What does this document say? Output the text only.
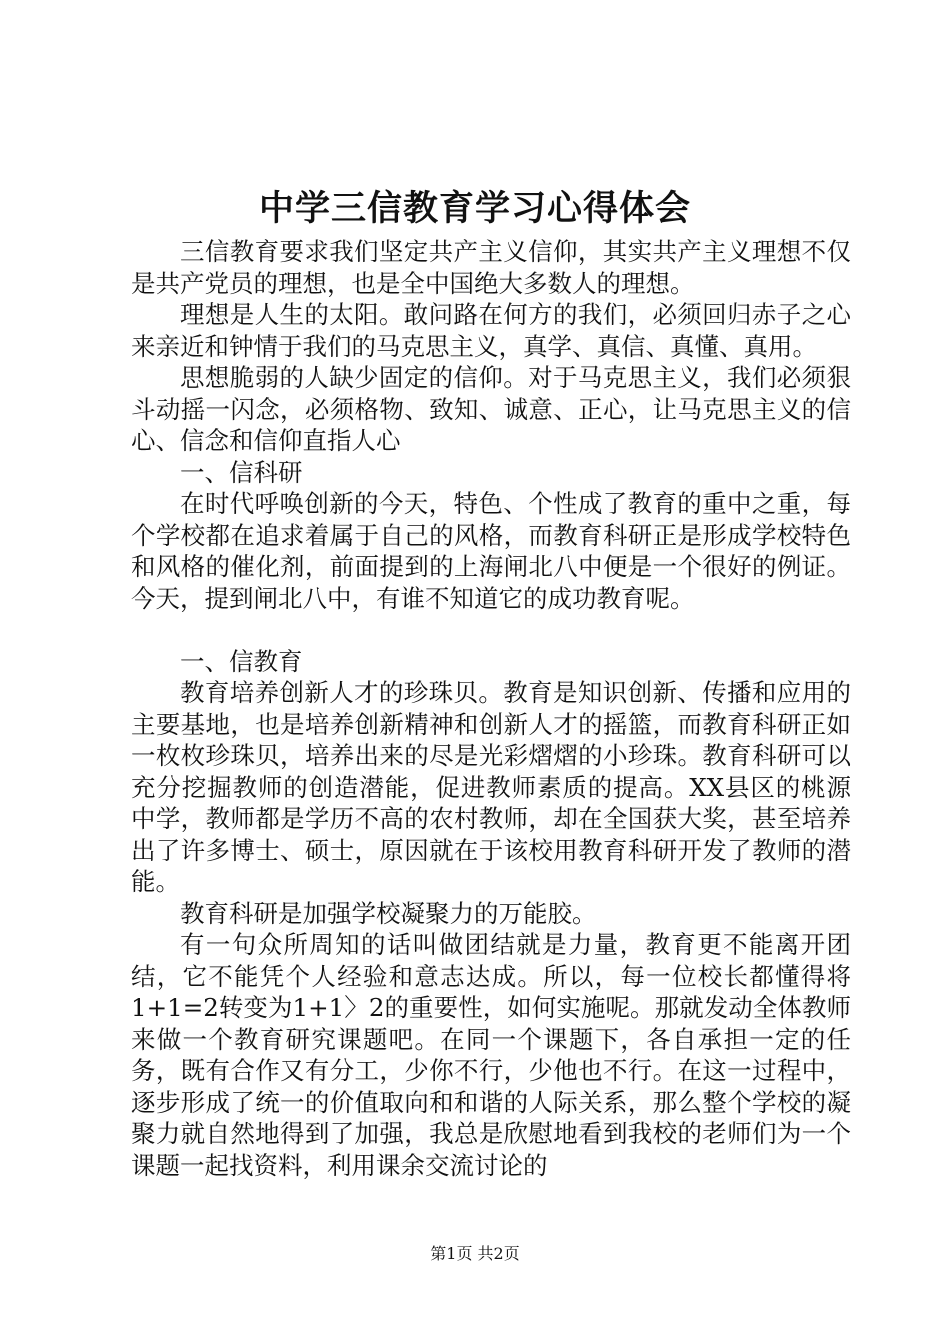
中学三信教育学习心得体会

三信教育要求我们坚定共产主义信仰，其实共产主义理想不仅是共产党员的理想，也是全中国绝大多数人的理想。

理想是人生的太阳。敢问路在何方的我们，必须回归赤子之心来亲近和钟情于我们的马克思主义，真学、真信、真懂、真用。

思想脆弱的人缺少固定的信仰。对于马克思主义，我们必须狠斗动摇一闪念，必须格物、致知、诚意、正心，让马克思主义的信心、信念和信仰直指人心

一、信科研

在时代呼唤创新的今天，特色、个性成了教育的重中之重，每个学校都在追求着属于自己的风格，而教育科研正是形成学校特色和风格的催化剂，前面提到的上海闸北八中便是一个很好的例证。今天，提到闸北八中，有谁不知道它的成功教育呢。

一、信教育

教育培养创新人才的珍珠贝。教育是知识创新、传播和应用的主要基地，也是培养创新精神和创新人才的摇篮，而教育科研正如一枚枚珍珠贝，培养出来的尽是光彩熠熠的小珍珠。教育科研可以充分挖掘教师的创造潜能，促进教师素质的提高。XX县区的桃源中学，教师都是学历不高的农村教师，却在全国获大奖，甚至培养出了许多博士、硕士，原因就在于该校用教育科研开发了教师的潜能。

教育科研是加强学校凝聚力的万能胶。

有一句众所周知的话叫做团结就是力量，教育更不能离开团结，它不能凭个人经验和意志达成。所以，每一位校长都懂得将1+1=2转变为1+1〉2的重要性，如何实施呢。那就发动全体教师来做一个教育研究课题吧。在同一个课题下，各自承担一定的任务，既有合作又有分工，少你不行，少他也不行。在这一过程中，逐步形成了统一的价值取向和和谐的人际关系，那么整个学校的凝聚力就自然地得到了加强，我总是欣慰地看到我校的老师们为一个课题一起找资料，利用课余交流讨论的

第1页 共2页
